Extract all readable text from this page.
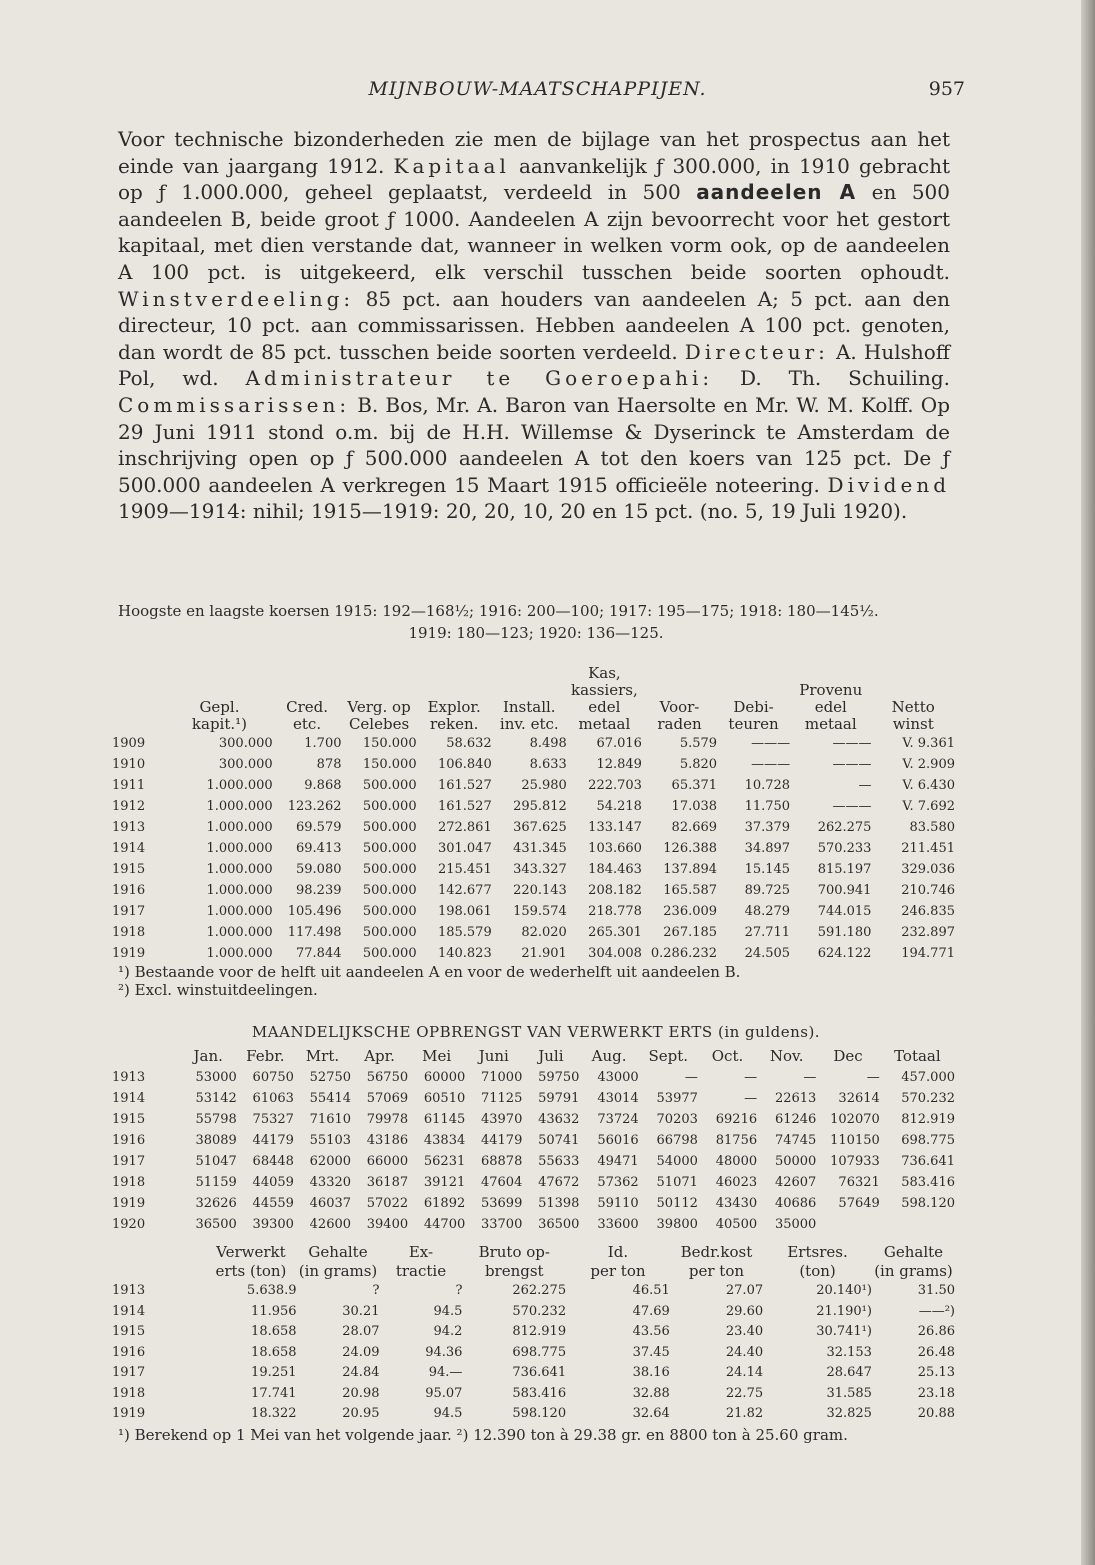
MIJNBOUW-MAATSCHAPPIJEN.	957
Voor technische bizonderheden zie men de bijlage van het prospectus aan het einde van jaargang 1912. Kapitaal aanvankelijk ƒ 300.000, in 1910 gebracht op ƒ 1.000.000, geheel geplaatst, verdeeld in 500 aandeelen A en 500 aandeelen B, beide groot ƒ 1000. Aandeelen A zijn bevoorrecht voor het gestort kapitaal, met dien verstande dat, wanneer in welken vorm ook, op de aandeelen A 100 pct. is uitgekeerd, elk verschil tusschen beide soorten ophoudt. Winstverdeeling: 85 pct. aan houders van aandeelen A; 5 pct. aan den directeur, 10 pct. aan commissarissen. Hebben aandeelen A 100 pct. genoten, dan wordt de 85 pct. tusschen beide soorten verdeeld. Directeur: A. Hulshoff Pol, wd. Administrateur te Goeroepahi: D. Th. Schuiling. Commissarissen: B. Bos, Mr. A. Baron van Haersolte en Mr. W. M. Kolff. Op 29 Juni 1911 stond o.m. bij de H.H. Willemse & Dyserinck te Amsterdam de inschrijving open op ƒ 500.000 aandeelen A tot den koers van 125 pct. De ƒ 500.000 aandeelen A verkregen 15 Maart 1915 officieële noteering. Dividend 1909—1914: nihil; 1915—1919: 20, 20, 10, 20 en 15 pct. (no. 5, 19 Juli 1920).
Hoogste en laagste koersen 1915: 192—168½; 1916: 200—100; 1917: 195—175; 1918: 180—145½.
1919: 180—123; 1920: 136—125.
						Kas,				
						kassiers,			Provenu	
	Gepl.	Cred.	Verg. op	Explor.	Install.	edel	Voor-	Debi-	edel	Netto
	kapit.¹)	etc.	Celebes	reken.	inv. etc.	metaal	raden	teuren	metaal	winst
1909	300.000	1.700	150.000	58.632	8.498	67.016	5.579	———	———	V. 9.361
1910	300.000	878	150.000	106.840	8.633	12.849	5.820	———	———	V. 2.909
1911	1.000.000	9.868	500.000	161.527	25.980	222.703	65.371	10.728	—	V. 6.430
1912	1.000.000	123.262	500.000	161.527	295.812	54.218	17.038	11.750	———	V. 7.692
1913	1.000.000	69.579	500.000	272.861	367.625	133.147	82.669	37.379	262.275	83.580
1914	1.000.000	69.413	500.000	301.047	431.345	103.660	126.388	34.897	570.233	211.451
1915	1.000.000	59.080	500.000	215.451	343.327	184.463	137.894	15.145	815.197	329.036
1916	1.000.000	98.239	500.000	142.677	220.143	208.182	165.587	89.725	700.941	210.746
1917	1.000.000	105.496	500.000	198.061	159.574	218.778	236.009	48.279	744.015	246.835
1918	1.000.000	117.498	500.000	185.579	82.020	265.301	267.185	27.711	591.180	232.897
1919	1.000.000	77.844	500.000	140.823	21.901	304.008	0.286.232	24.505	624.122	194.771
¹) Bestaande voor de helft uit aandeelen A en voor de wederhelft uit aandeelen B.
²) Excl. winstuitdeelingen.
MAANDELIJKSCHE OPBRENGST VAN VERWERKT ERTS (in guldens).
	Jan.	Febr.	Mrt.	Apr.	Mei	Juni	Juli	Aug.	Sept.	Oct.	Nov.	Dec	Totaal
1913	53000	60750	52750	56750	60000	71000	59750	43000	—	—	—	—	457.000
1914	53142	61063	55414	57069	60510	71125	59791	43014	53977	—	22613	32614	570.232
1915	55798	75327	71610	79978	61145	43970	43632	73724	70203	69216	61246	102070	812.919
1916	38089	44179	55103	43186	43834	44179	50741	56016	66798	81756	74745	110150	698.775
1917	51047	68448	62000	66000	56231	68878	55633	49471	54000	48000	50000	107933	736.641
1918	51159	44059	43320	36187	39121	47604	47672	57362	51071	46023	42607	76321	583.416
1919	32626	44559	46037	57022	61892	53699	51398	59110	50112	43430	40686	57649	598.120
1920	36500	39300	42600	39400	44700	33700	36500	33600	39800	40500	35000		
	Verwerkt	Gehalte	Ex-	Bruto op-	Id.	Bedr.kost	Ertsres.	Gehalte
	erts (ton)	(in grams)	tractie	brengst	per ton	per ton	(ton)	(in grams)
1913	5.638.9	?	?	262.275	46.51	27.07	20.140¹)	31.50
1914	11.956	30.21	94.5	570.232	47.69	29.60	21.190¹)	——²)
1915	18.658	28.07	94.2	812.919	43.56	23.40	30.741¹)	26.86
1916	18.658	24.09	94.36	698.775	37.45	24.40	32.153	26.48
1917	19.251	24.84	94.—	736.641	38.16	24.14	28.647	25.13
1918	17.741	20.98	95.07	583.416	32.88	22.75	31.585	23.18
1919	18.322	20.95	94.5	598.120	32.64	21.82	32.825	20.88
¹) Berekend op 1 Mei van het volgende jaar. ²) 12.390 ton à 29.38 gr. en 8800 ton à 25.60 gram.
